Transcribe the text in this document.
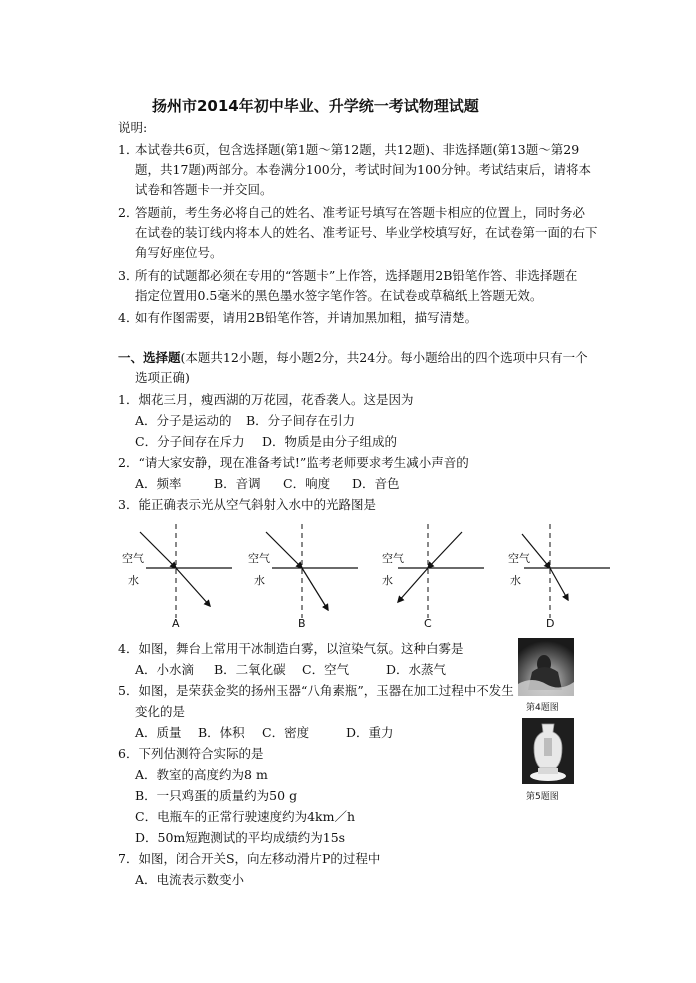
扬州市2014年初中毕业、升学统一考试物理试题
说明:
1．
本试卷共6页，包含选择题(第1题～第12题，共12题)、非选择题(第13题～第29
题，共17题)两部分。本卷满分100分，考试时间为100分钟。考试结束后，请将本
试卷和答题卡一并交回。
2．
答题前，考生务必将自己的姓名、准考证号填写在答题卡相应的位置上，同时务必
在试卷的装订线内将本人的姓名、准考证号、毕业学校填写好，在试卷第一面的右下
角写好座位号。
3．
所有的试题都必须在专用的“答题卡”上作答，选择题用2B铅笔作答、非选择题在
指定位置用0.5毫米的黑色墨水签字笔作答。在试卷或草稿纸上答题无效。
4．
如有作图需要，请用2B铅笔作答，并请加黑加粗，描写清楚。
一、选择题(本题共12小题，每小题2分，共24分。每小题给出的四个选项中只有一个
选项正确)
1．烟花三月，瘦西湖的万花园，花香袭人。这是因为
A．分子是运动的 B．分子间存在引力
C．分子间存在斥力 D．物质是由分子组成的
2．“请大家安静，现在准备考试!”监考老师要求考生减小声音的
A．频率	B．音调 C．响度 D．音色
3．能正确表示光从空气斜射入水中的光路图是
空气
水
A
空气
水
B
空气
水
C
空气
水
D
4．如图，舞台上常用干冰制造白雾，以渲染气氛。这种白雾是
A．小水滴 B．二氧化碳 C．空气	D．水蒸气
第4题图
5．如图，是荣获金奖的扬州玉器“八角素瓶”，玉器在加工过程中不发生
变化的是
A．质量 B．体积 C．密度	D．重力
第5题图
6．下列估测符合实际的是
A．教室的高度约为8 m
B．一只鸡蛋的质量约为50 g
C．电瓶车的正常行驶速度约为4km／h
D．50m短跑测试的平均成绩约为15s
7．如图，闭合开关S，向左移动滑片P的过程中
A．电流表示数变小
